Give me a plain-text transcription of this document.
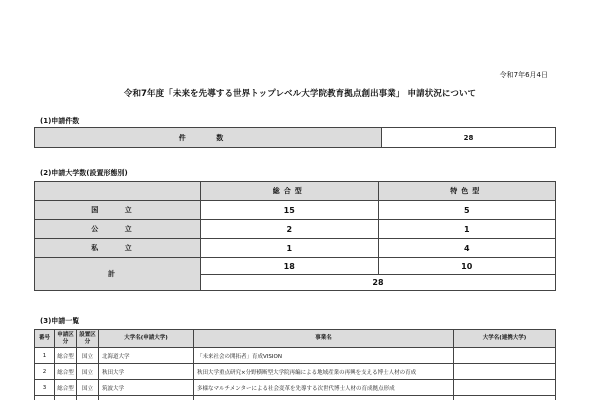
令和7年6月4日
令和7年度「未来を先導する世界トップレベル大学院教育拠点創出事業」 申請状況について
(1)申請件数
件 数	28
(2)申請大学数(設置形態別)
	総合型	特色型
国 立	15	5
公 立	2	1
私 立	1	4
計	18	10
	28	
(3)申請一覧
番号	申請区分	設置区分	大学名(申請大学)	事業名	大学名(連携大学)
1	総合型	国立	北海道大学	「未来社会の開拓者」育成VISION	
2	総合型	国立	秋田大学	秋田大学重点研究×分野横断型大学院再編による地域産業の再興を支える博士人材の育成	
3	総合型	国立	筑波大学	多様なマルチメンターによる社会変革を先導する次世代博士人材の育成拠点形成	
